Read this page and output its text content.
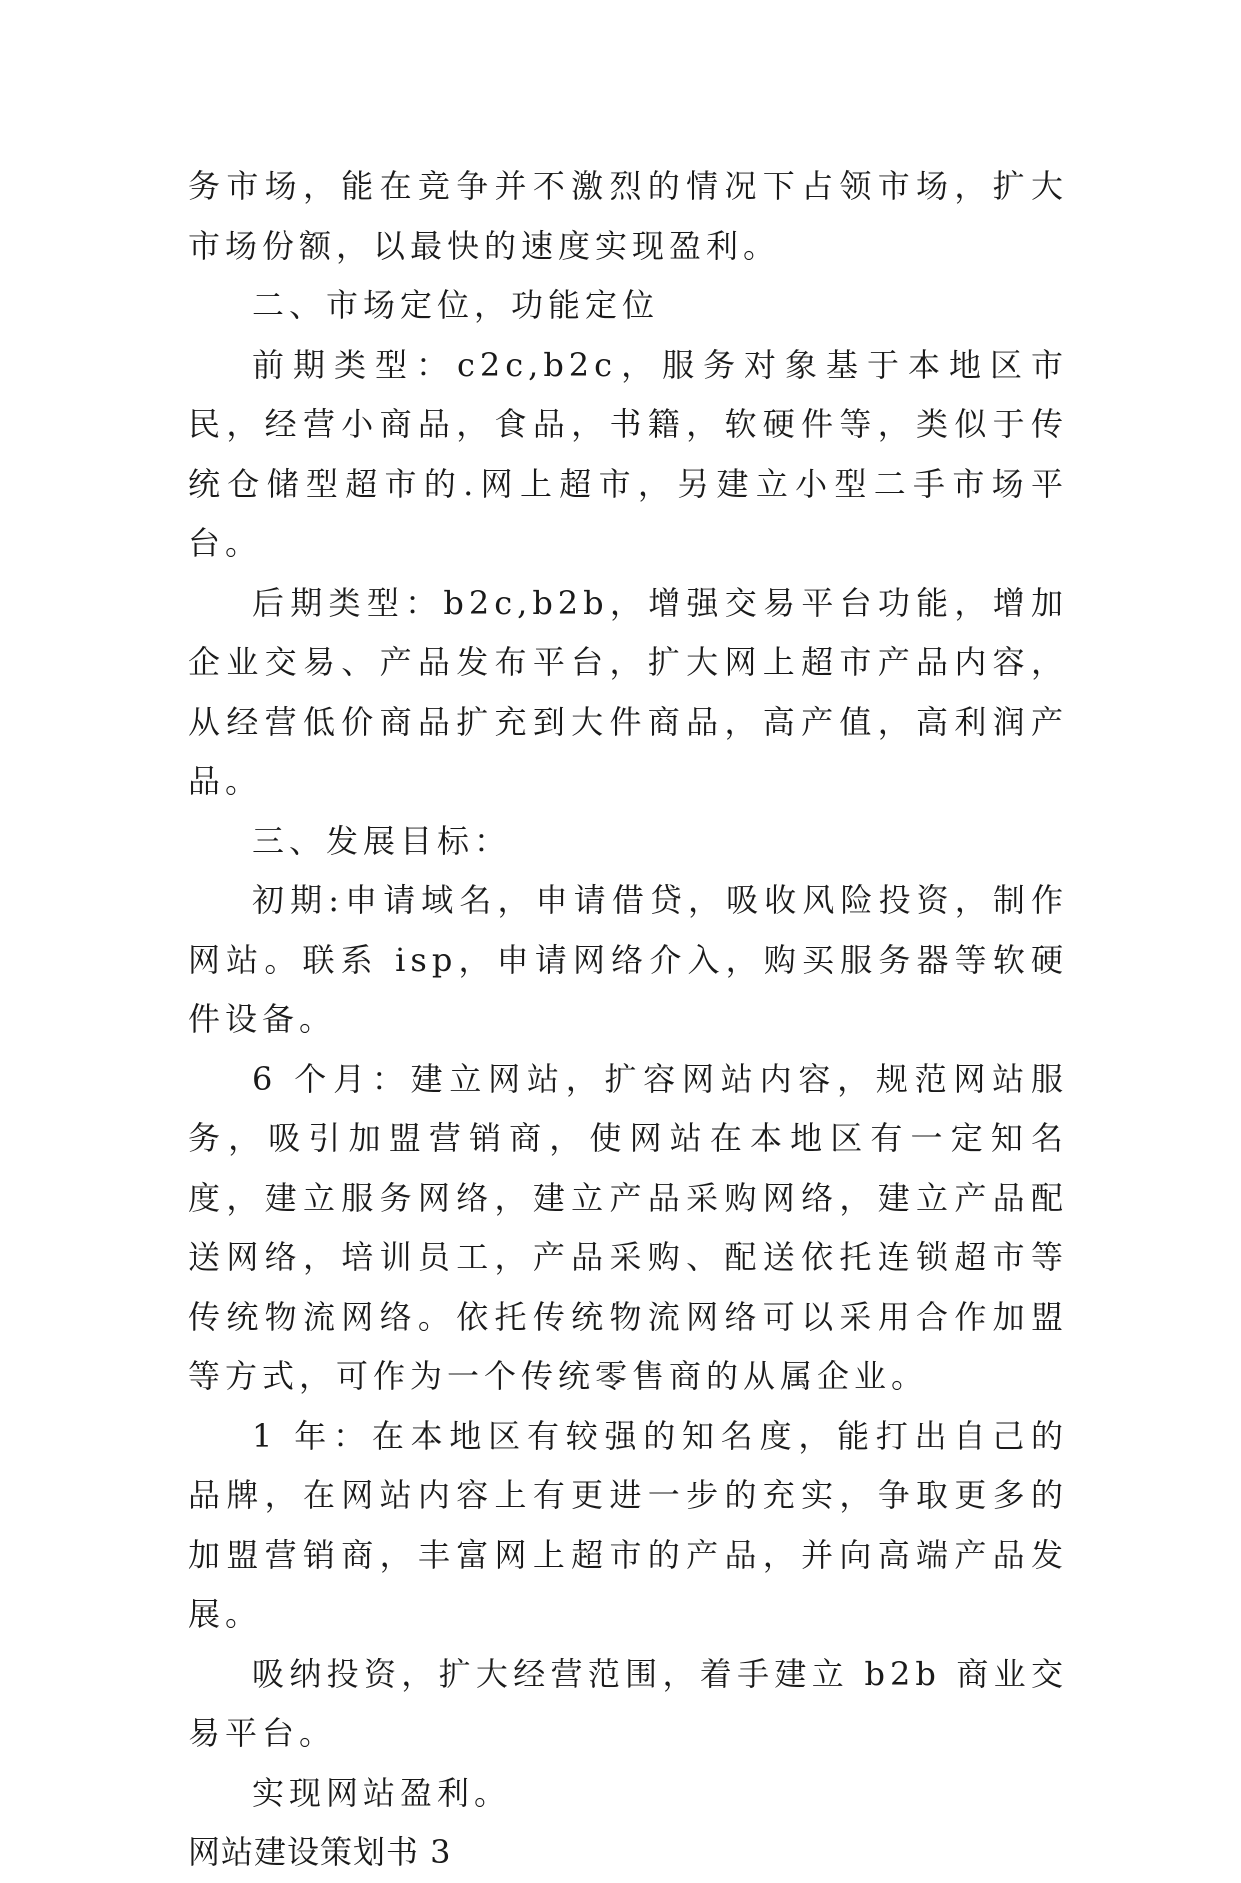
务市场，能在竞争并不激烈的情况下占领市场，扩大市场份额，以最快的速度实现盈利。

二、市场定位，功能定位

前期类型：c2c,b2c，服务对象基于本地区市民，经营小商品，食品，书籍，软硬件等，类似于传统仓储型超市的.网上超市，另建立小型二手市场平台。

后期类型：b2c,b2b，增强交易平台功能，增加企业交易、产品发布平台，扩大网上超市产品内容，从经营低价商品扩充到大件商品，高产值，高利润产品。

三、发展目标：

初期:申请域名，申请借贷，吸收风险投资，制作网站。联系 isp，申请网络介入，购买服务器等软硬件设备。

6 个月：建立网站，扩容网站内容，规范网站服务，吸引加盟营销商，使网站在本地区有一定知名度，建立服务网络，建立产品采购网络，建立产品配送网络，培训员工，产品采购、配送依托连锁超市等传统物流网络。依托传统物流网络可以采用合作加盟等方式，可作为一个传统零售商的从属企业。

1 年：在本地区有较强的知名度，能打出自己的品牌，在网站内容上有更进一步的充实，争取更多的加盟营销商，丰富网上超市的产品，并向高端产品发展。

吸纳投资，扩大经营范围，着手建立 b2b 商业交易平台。

实现网站盈利。

网站建设策划书 3
